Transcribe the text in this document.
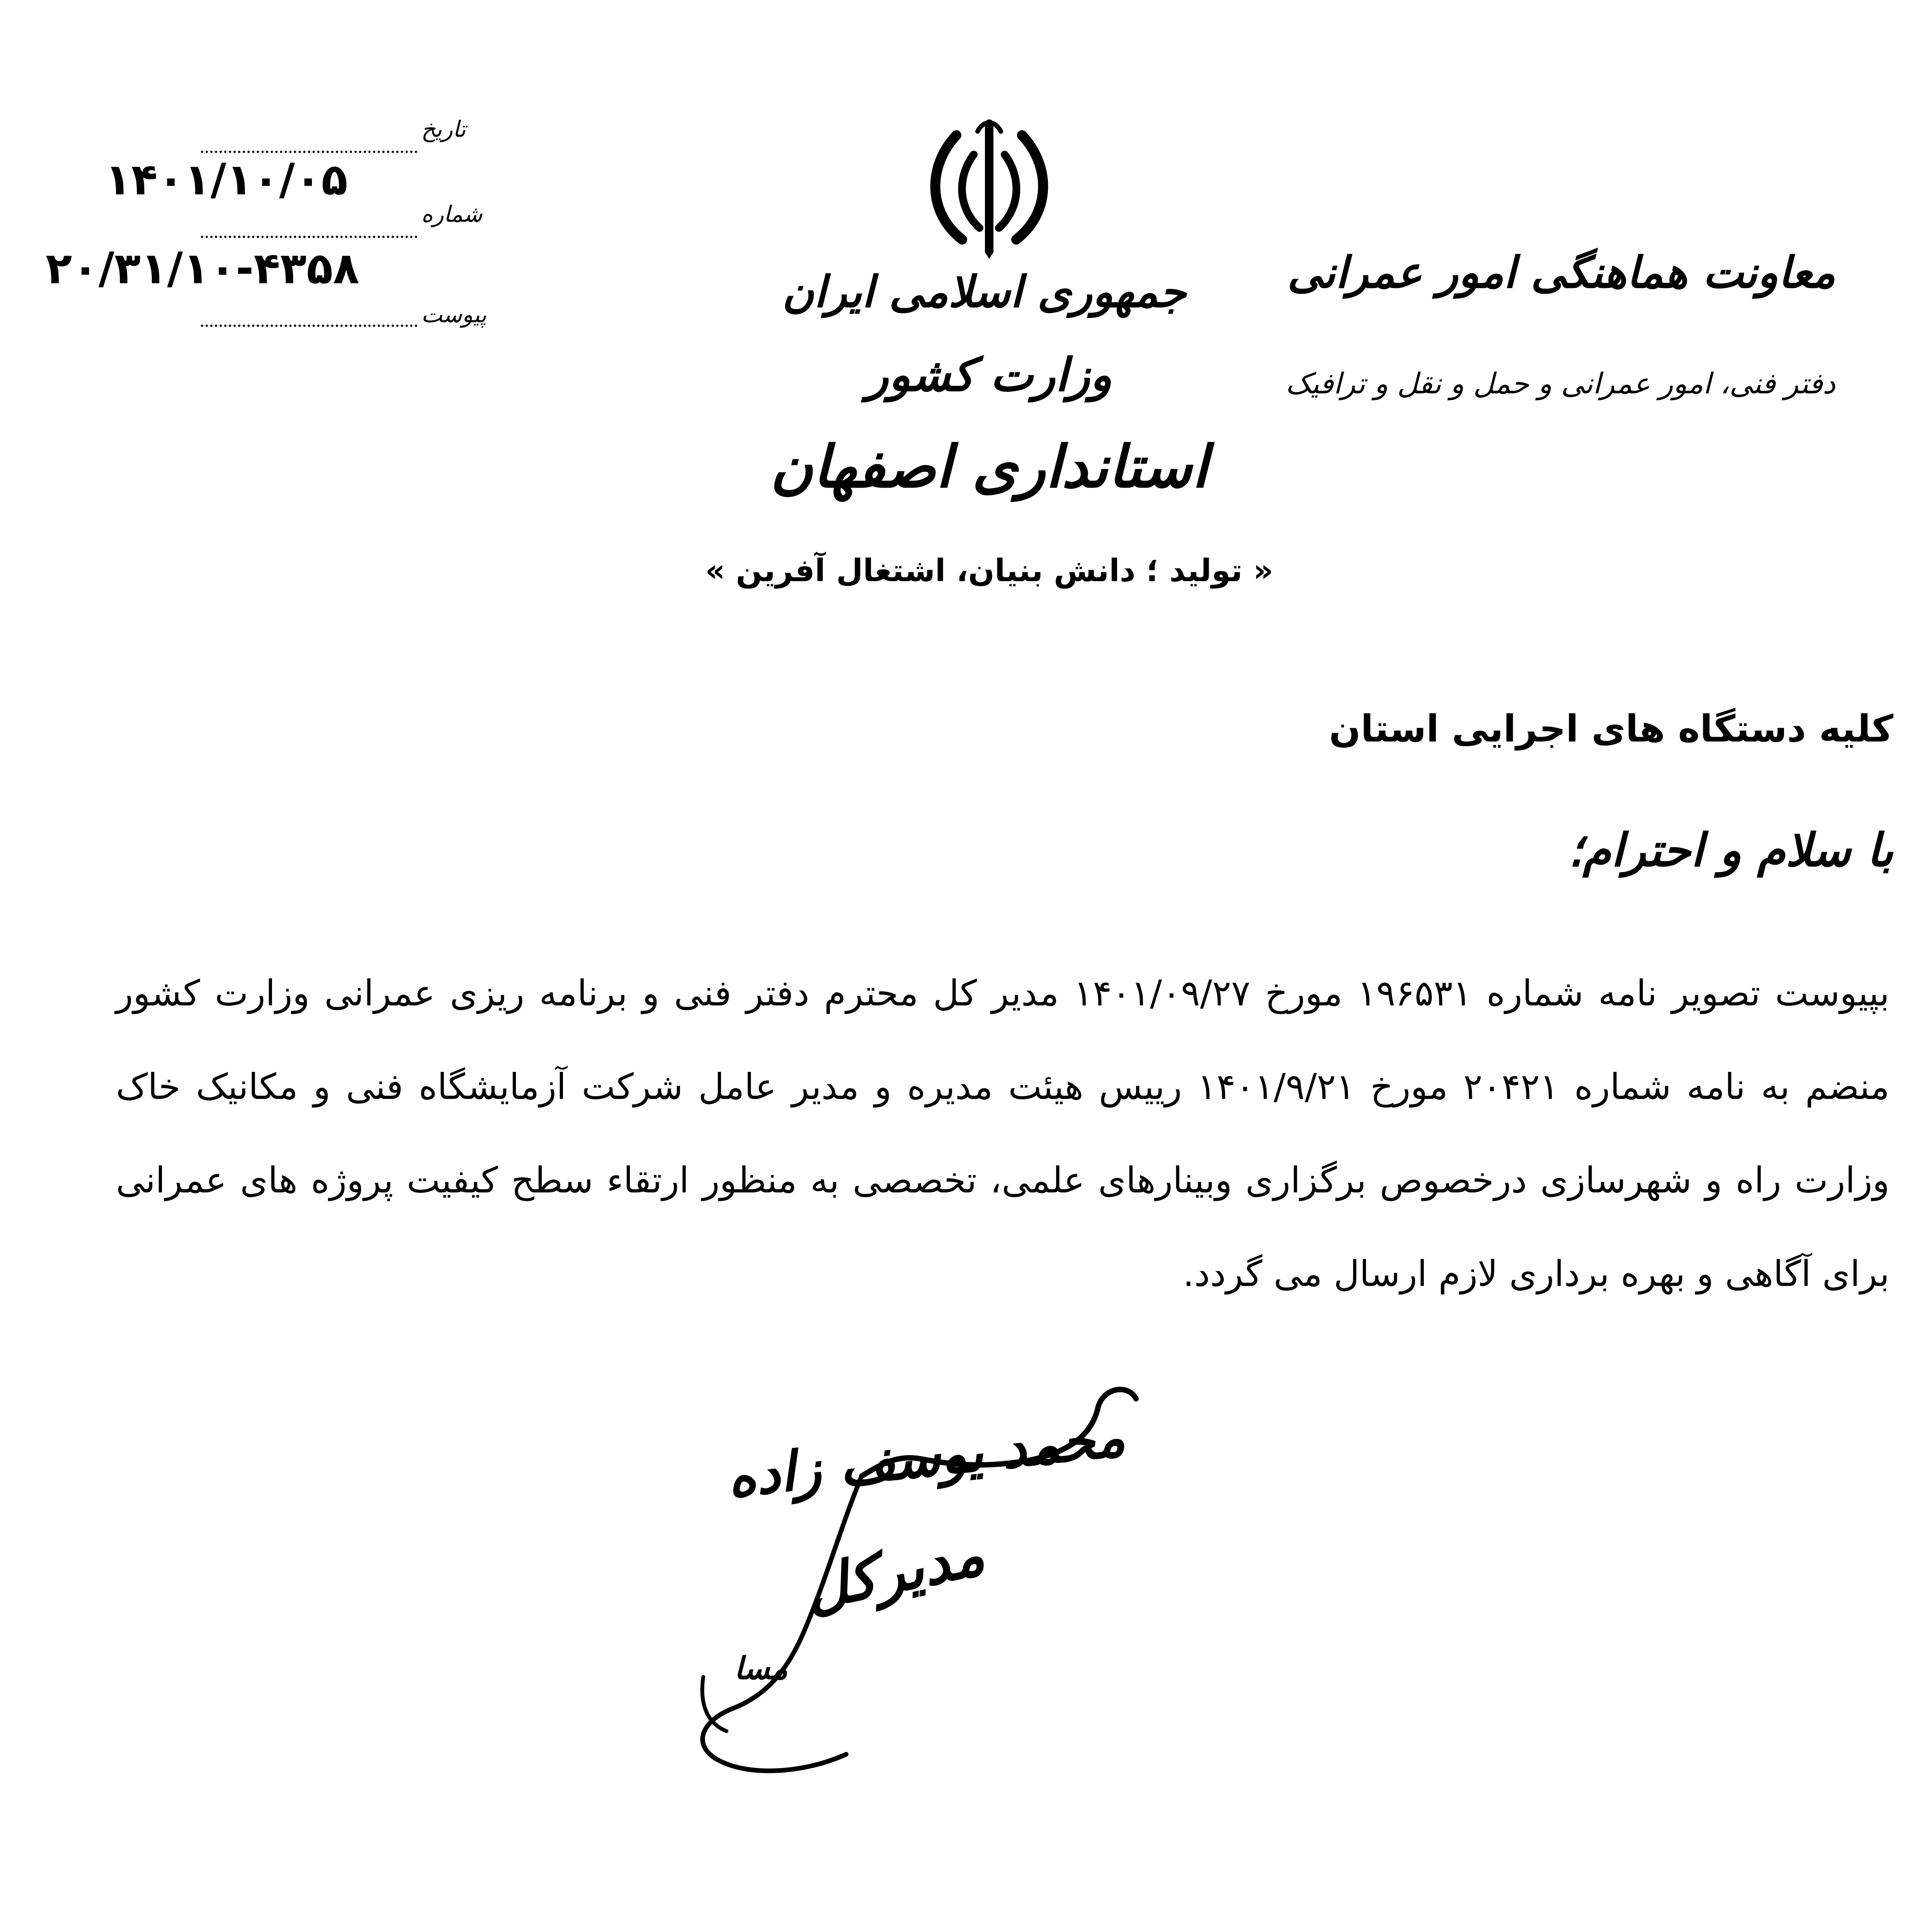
تاریخ
۱۴۰۱/۱۰/۰۵
شماره
۲۰/۳۱/۱۰-۴۳۵۸
پیوست	جمهوری اسلامی ایران
وزارت کشور
استانداری اصفهان
« تولید ؛ دانش بنیان، اشتغال آفرین »
معاونت هماهنگی امور عمرانی
دفتر فنی، امور عمرانی و حمل و نقل و ترافیک
کلیه دستگاه های اجرایی استان
با سلام و احترام؛
بپیوست تصویر نامه شماره ۱۹۶۵۳۱ مورخ ۱۴۰۱/۰۹/۲۷ مدیر کل محترم دفتر فنی و برنامه ریزی عمرانی وزارت کشور منضم به نامه شماره ۲۰۴۲۱ مورخ ۱۴۰۱/۹/۲۱ رییس هیئت مدیره و مدیر عامل شرکت آزمایشگاه فنی و مکانیک خاک وزارت راه و شهرسازی درخصوص برگزاری وبینارهای علمی، تخصصی به منظور ارتقاء سطح کیفیت پروژه های عمرانی برای آگاهی و بهره برداری لازم ارسال می گردد.
محمد یوسف زاده
مدیرکل
مسا
